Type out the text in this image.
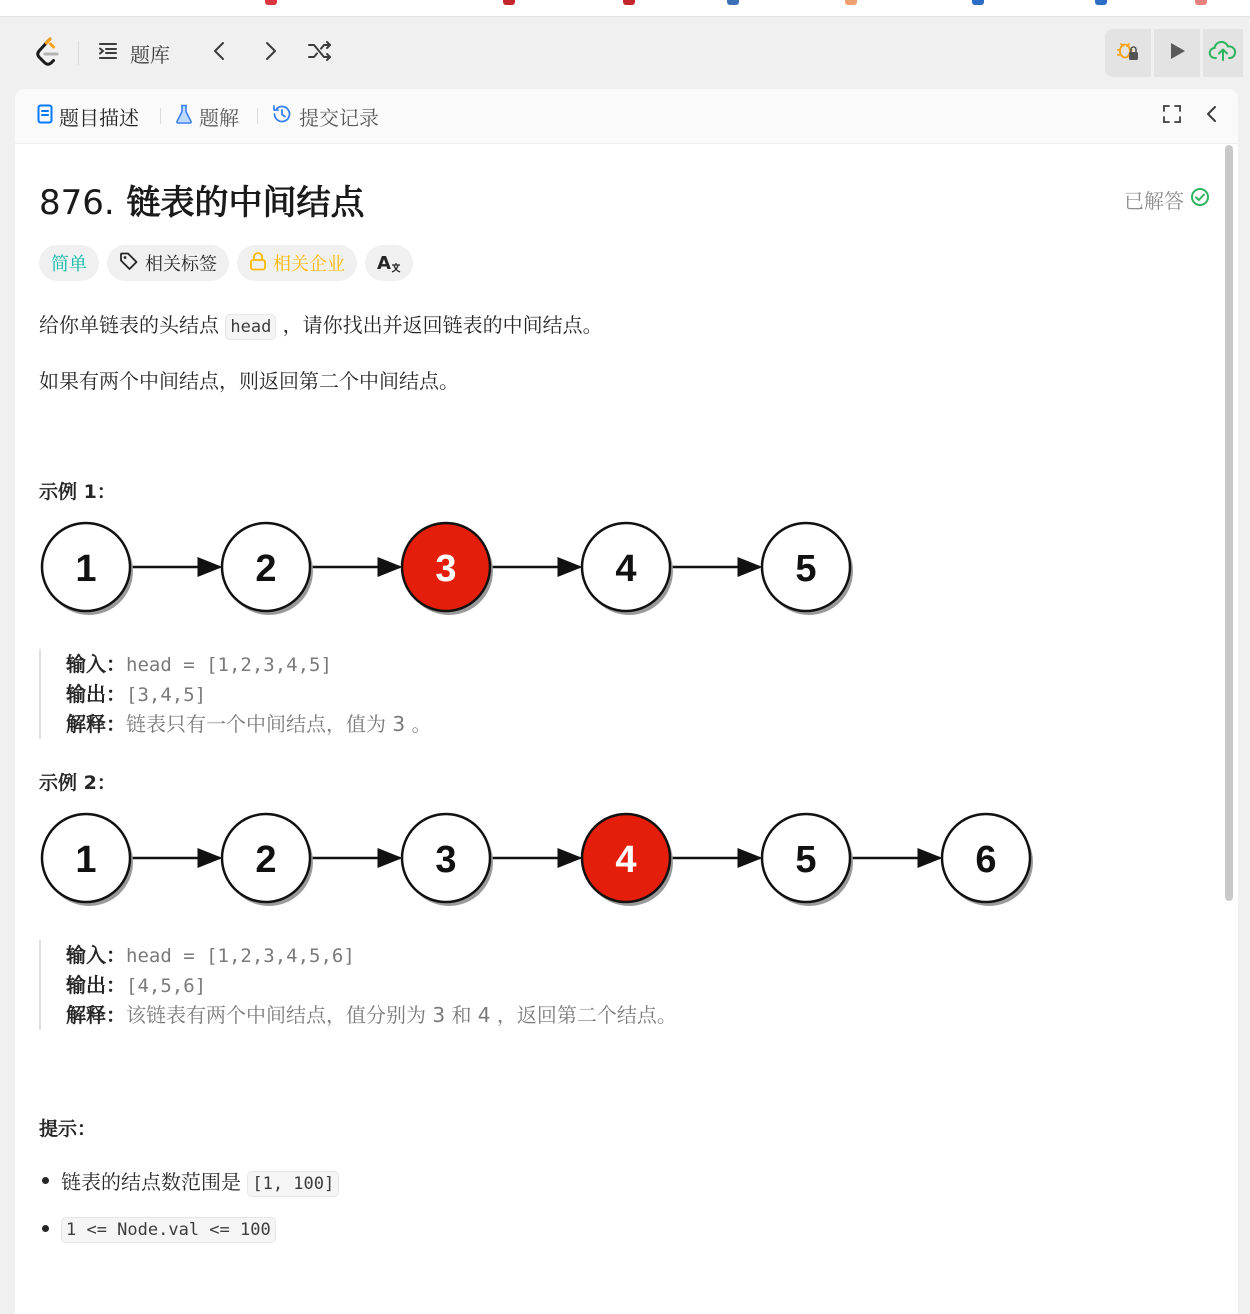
题库
题目描述	题解	提交记录
876. 链表的中间结点	已解答
简单	相关标签	相关企业 A
给你单链表的头结点 head ，请你找出并返回链表的中间结点。
如果有两个中间结点，则返回第二个中间结点。
示例 1：
1	2	3	4	5
输入：head = [1,2,3,4,5]
输出：[3,4,5]
解释：链表只有一个中间结点，值为 3 。
示例 2：
1	2	3	4	5	6
输入：head = [1,2,3,4,5,6]
输出：[4,5,6]
解释：该链表有两个中间结点，值分别为 3 和 4 ，返回第二个结点。
提示：
链表的结点数范围是 [1, 100]
1 <= Node.val <= 100
